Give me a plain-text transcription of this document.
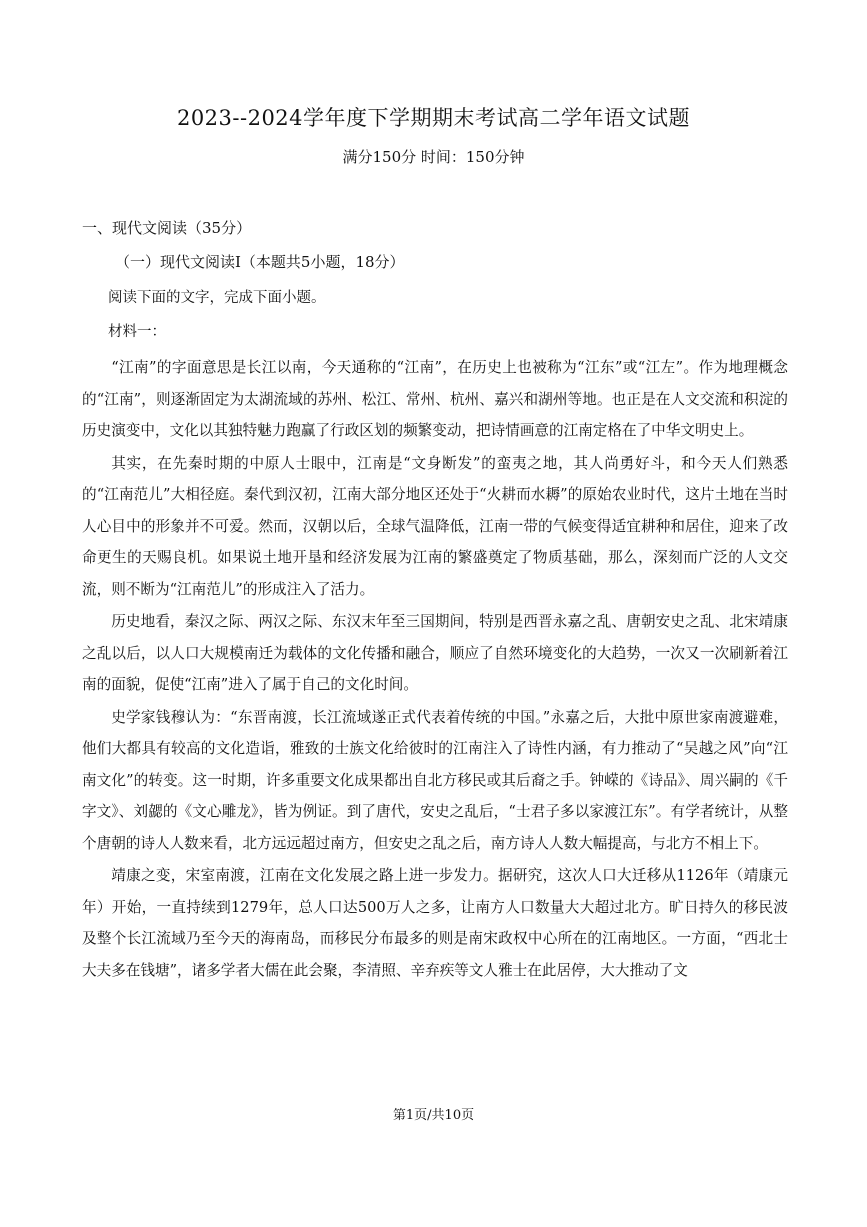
2023--2024学年度下学期期末考试高二学年语文试题
满分150分 时间：150分钟
一、现代文阅读（35分）
（一）现代文阅读Ⅰ（本题共5小题，18分）
阅读下面的文字，完成下面小题。
材料一：

“江南”的字面意思是长江以南，今天通称的“江南”，在历史上也被称为“江东”或“江左”。作为地理概念的“江南”，则逐渐固定为太湖流域的苏州、松江、常州、杭州、嘉兴和湖州等地。也正是在人文交流和积淀的历史演变中，文化以其独特魅力跑赢了行政区划的频繁变动，把诗情画意的江南定格在了中华文明史上。

其实，在先秦时期的中原人士眼中，江南是“文身断发”的蛮夷之地，其人尚勇好斗，和今天人们熟悉的“江南范儿”大相径庭。秦代到汉初，江南大部分地区还处于“火耕而水耨”的原始农业时代，这片土地在当时人心目中的形象并不可爱。然而，汉朝以后，全球气温降低，江南一带的气候变得适宜耕种和居住，迎来了改命更生的天赐良机。如果说土地开垦和经济发展为江南的繁盛奠定了物质基础，那么，深刻而广泛的人文交流，则不断为“江南范儿”的形成注入了活力。

历史地看，秦汉之际、两汉之际、东汉末年至三国期间，特别是西晋永嘉之乱、唐朝安史之乱、北宋靖康之乱以后，以人口大规模南迁为载体的文化传播和融合，顺应了自然环境变化的大趋势，一次又一次刷新着江南的面貌，促使“江南”进入了属于自己的文化时间。

史学家钱穆认为：“东晋南渡，长江流域遂正式代表着传统的中国。”永嘉之后，大批中原世家南渡避难，他们大都具有较高的文化造诣，雅致的士族文化给彼时的江南注入了诗性内涵，有力推动了“吴越之风”向“江南文化”的转变。这一时期，许多重要文化成果都出自北方移民或其后裔之手。钟嵘的《诗品》、周兴嗣的《千字文》、刘勰的《文心雕龙》，皆为例证。到了唐代，安史之乱后，“士君子多以家渡江东”。有学者统计，从整个唐朝的诗人人数来看，北方远远超过南方，但安史之乱之后，南方诗人人数大幅提高，与北方不相上下。

靖康之变，宋室南渡，江南在文化发展之路上进一步发力。据研究，这次人口大迁移从1126年（靖康元年）开始，一直持续到1279年，总人口达500万人之多，让南方人口数量大大超过北方。旷日持久的移民波及整个长江流域乃至今天的海南岛，而移民分布最多的则是南宋政权中心所在的江南地区。一方面，“西北士大夫多在钱塘”，诸多学者大儒在此会聚，李清照、辛弃疾等文人雅士在此居停，大大推动了文

第1页/共10页
